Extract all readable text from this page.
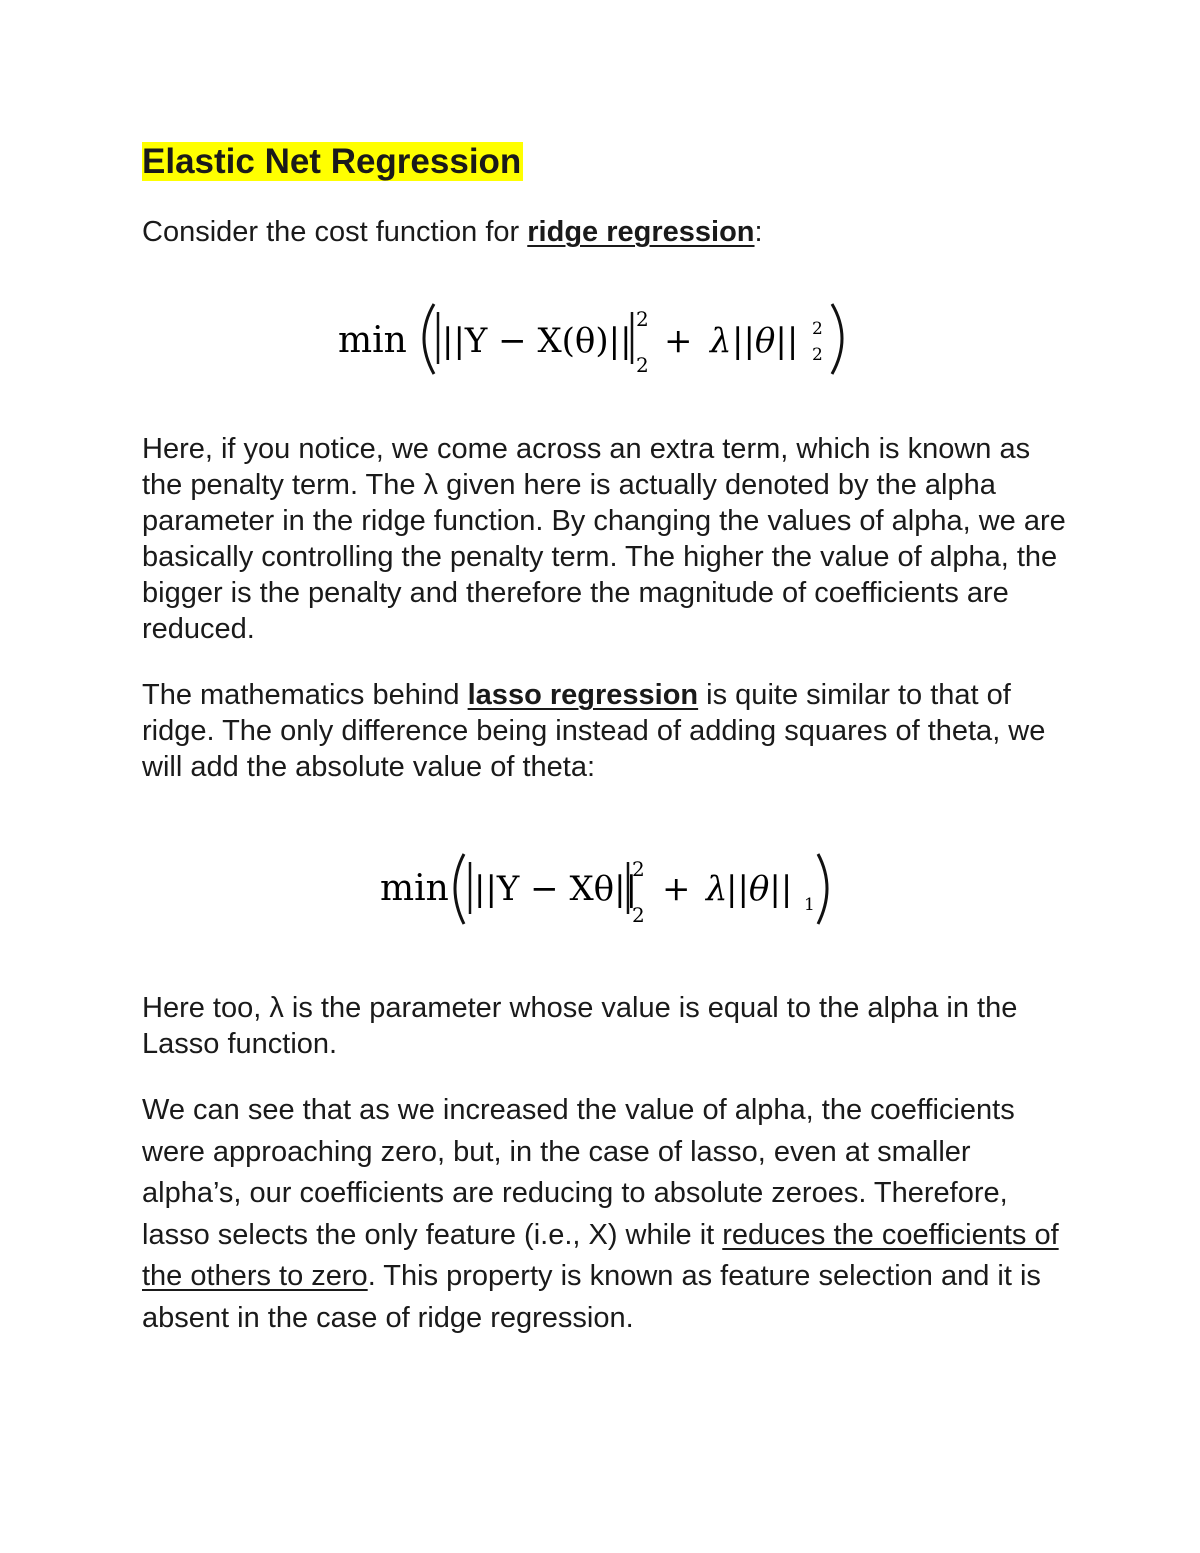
Elastic Net Regression

Consider the cost function for ridge regression:

min ||Y − X(θ)||
2
2
+ λ ||θ|| 2
2

Here, if you notice, we come across an extra term, which is known as the penalty term. The λ given here is actually denoted by the alpha parameter in the ridge function. By changing the values of alpha, we are basically controlling the penalty term. The higher the value of alpha, the bigger is the penalty and therefore the magnitude of coefficients are reduced.

The mathematics behind lasso regression is quite similar to that of ridge. The only difference being instead of adding squares of theta, we will add the absolute value of theta:

min ||Y − Xθ||
2
2
+ λ
||θ|| 1

Here too, λ is the parameter whose value is equal to the alpha in the Lasso function.

We can see that as we increased the value of alpha, the coefficients were approaching zero, but, in the case of lasso, even at smaller alpha’s, our coefficients are reducing to absolute zeroes. Therefore, lasso selects the only feature (i.e., X) while it reduces the coefficients of the others to zero. This property is known as feature selection and it is absent in the case of ridge regression.
